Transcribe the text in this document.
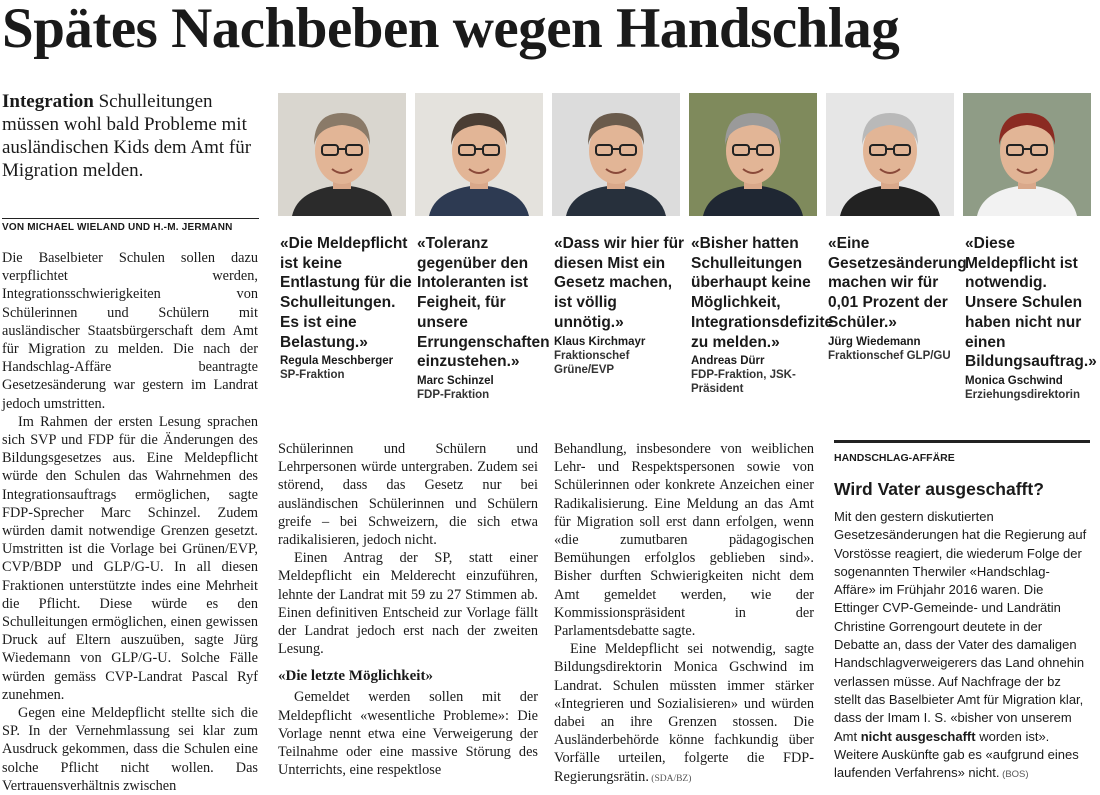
Spätes Nachbeben wegen Handschlag
Integration Schulleitungen müssen wohl bald Probleme mit ausländischen Kids dem Amt für Migration melden.
VON MICHAEL WIELAND UND H.-M. JERMANN

Die Baselbieter Schulen sollen dazu verpflichtet werden, Integrationsschwierigkeiten von Schülerinnen und Schülern mit ausländischer Staatsbürgerschaft dem Amt für Migration zu melden. Die nach der Handschlag-Affäre beantragte Gesetzesänderung war gestern im Landrat jedoch umstritten.

Im Rahmen der ersten Lesung sprachen sich SVP und FDP für die Änderungen des Bildungsgesetzes aus. Eine Meldepflicht würde den Schulen das Wahrnehmen des Integrationsauftrags ermöglichen, sagte FDP-Sprecher Marc Schinzel. Zudem würden damit notwendige Grenzen gesetzt. Umstritten ist die Vorlage bei Grünen/EVP, CVP/BDP und GLP/G-U. In all diesen Fraktionen unterstützte indes eine Mehrheit die Pflicht. Diese würde es den Schulleitungen ermöglichen, einen gewissen Druck auf Eltern auszuüben, sagte Jürg Wiedemann von GLP/G-U. Solche Fälle würden gemäss CVP-Landrat Pascal Ryf zunehmen.

Gegen eine Meldepflicht stellte sich die SP. In der Vernehmlassung sei klar zum Ausdruck gekommen, dass die Schulen eine solche Pflicht nicht wollen. Das Vertrauensverhältnis zwischen

«Die Meldepflicht ist keine Entlastung für die Schulleitungen. Es ist eine Belastung.»
Regula Meschberger
SP-Fraktion
«Toleranz gegenüber den Intoleranten ist Feigheit, für unsere Errungenschaften einzustehen.»
Marc Schinzel
FDP-Fraktion
«Dass wir hier für diesen Mist ein Gesetz machen, ist völlig unnötig.»
Klaus Kirchmayr
Fraktionschef Grüne/EVP
«Bisher hatten Schulleitungen überhaupt keine Möglichkeit, Integrationsdefizite zu melden.»
Andreas Dürr
FDP-Fraktion, JSK-Präsident
«Eine Gesetzesänderung machen wir für 0,01 Prozent der Schüler.»
Jürg Wiedemann
Fraktionschef GLP/GU
«Diese Meldepflicht ist notwendig. Unsere Schulen haben nicht nur einen Bildungsauftrag.»
Monica Gschwind
Erziehungsdirektorin

Schülerinnen und Schülern und Lehrpersonen würde untergraben. Zudem sei störend, dass das Gesetz nur bei ausländischen Schülerinnen und Schülern greife – bei Schweizern, die sich etwa radikalisieren, jedoch nicht.

Einen Antrag der SP, statt einer Meldepflicht ein Melderecht einzuführen, lehnte der Landrat mit 59 zu 27 Stimmen ab. Einen definitiven Entscheid zur Vorlage fällt der Landrat jedoch erst nach der zweiten Lesung.

«Die letzte Möglichkeit»

Gemeldet werden sollen mit der Meldepflicht «wesentliche Probleme»: Die Vorlage nennt etwa eine Verweigerung der Teilnahme oder eine massive Störung des Unterrichts, eine respektlose

Behandlung, insbesondere von weiblichen Lehr- und Respektspersonen sowie von Schülerinnen oder konkrete Anzeichen einer Radikalisierung. Eine Meldung an das Amt für Migration soll erst dann erfolgen, wenn «die zumutbaren pädagogischen Bemühungen erfolglos geblieben sind». Bisher durften Schwierigkeiten nicht dem Amt gemeldet werden, wie der Kommissionspräsident in der Parlamentsdebatte sagte.

Eine Meldepflicht sei notwendig, sagte Bildungsdirektorin Monica Gschwind im Landrat. Schulen müssten immer stärker «Integrieren und Sozialisieren» und würden dabei an ihre Grenzen stossen. Die Ausländerbehörde könne fachkundig über Vorfälle urteilen, folgerte die FDP-Regierungsrätin. (SDA/BZ)

HANDSCHLAG-AFFÄRE
Wird Vater ausgeschafft?
Mit den gestern diskutierten Gesetzesänderungen hat die Regierung auf Vorstösse reagiert, die wiederum Folge der sogenannten Therwiler «Handschlag-Affäre» im Frühjahr 2016 waren. Die Ettinger CVP-Gemeinde- und Landrätin Christine Gorrengourt deutete in der Debatte an, dass der Vater des damaligen Handschlagverweigerers das Land ohnehin verlassen müsse. Auf Nachfrage der bz stellt das Baselbieter Amt für Migration klar, dass der Imam I. S. «bisher von unserem Amt nicht ausgeschafft worden ist». Weitere Auskünfte gab es «aufgrund eines laufenden Verfahrens» nicht. (BOS)
